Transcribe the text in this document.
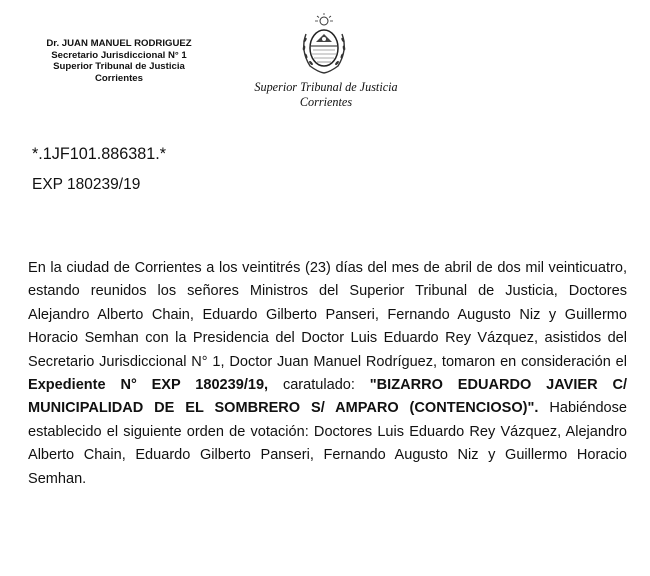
Dr. JUAN MANUEL RODRIGUEZ
Secretario Jurisdiccional N° 1
Superior Tribunal de Justicia
Corrientes
Superior Tribunal de Justicia
Corrientes
*.1JF101.886381.*
EXP 180239/19
En la ciudad de Corrientes a los veintitrés (23) días del mes de abril de dos mil veinticuatro, estando reunidos los señores Ministros del Superior Tribunal de Justicia, Doctores Alejandro Alberto Chain, Eduardo Gilberto Panseri, Fernando Augusto Niz y Guillermo Horacio Semhan con la Presidencia del Doctor Luis Eduardo Rey Vázquez, asistidos del Secretario Jurisdiccional N° 1, Doctor Juan Manuel Rodríguez, tomaron en consideración el Expediente N° EXP 180239/19, caratulado: "BIZARRO EDUARDO JAVIER C/ MUNICIPALIDAD DE EL SOMBRERO S/ AMPARO (CONTENCIOSO)". Habiéndose establecido el siguiente orden de votación: Doctores Luis Eduardo Rey Vázquez, Alejandro Alberto Chain, Eduardo Gilberto Panseri, Fernando Augusto Niz y Guillermo Horacio Semhan.
